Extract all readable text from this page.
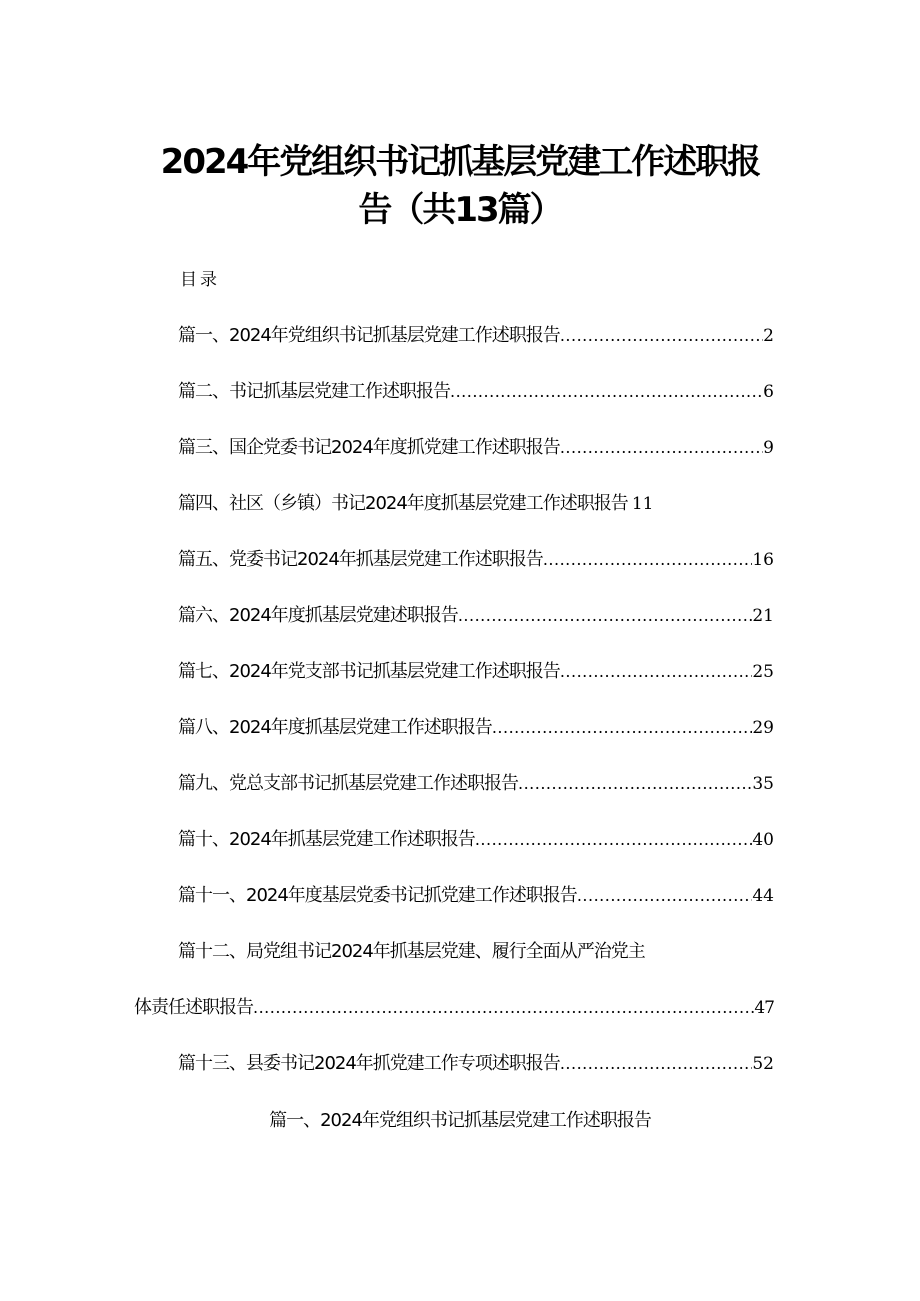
2024年党组织书记抓基层党建工作述职报
告（共13篇）
目录
篇一、2024年党组织书记抓基层党建工作述职报告 .....	2
篇二、书记抓基层党建工作述职报告 .....	6
篇三、国企党委书记2024年度抓党建工作述职报告 .....	9
篇四、社区（乡镇）书记2024年度抓基层党建工作述职报告 11
篇五、党委书记2024年抓基层党建工作述职报告 .....	16
篇六、2024年度抓基层党建述职报告 .....	21
篇七、2024年党支部书记抓基层党建工作述职报告 .....	25
篇八、2024年度抓基层党建工作述职报告 .....	29
篇九、党总支部书记抓基层党建工作述职报告 .....	35
篇十、2024年抓基层党建工作述职报告 .....	40
篇十一、2024年度基层党委书记抓党建工作述职报告 .....	44
篇十二、局党组书记2024年抓基层党建、履行全面从严治党主
体责任述职报告 .....	47
篇十三、县委书记2024年抓党建工作专项述职报告 .....	52
篇一、2024年党组织书记抓基层党建工作述职报告
